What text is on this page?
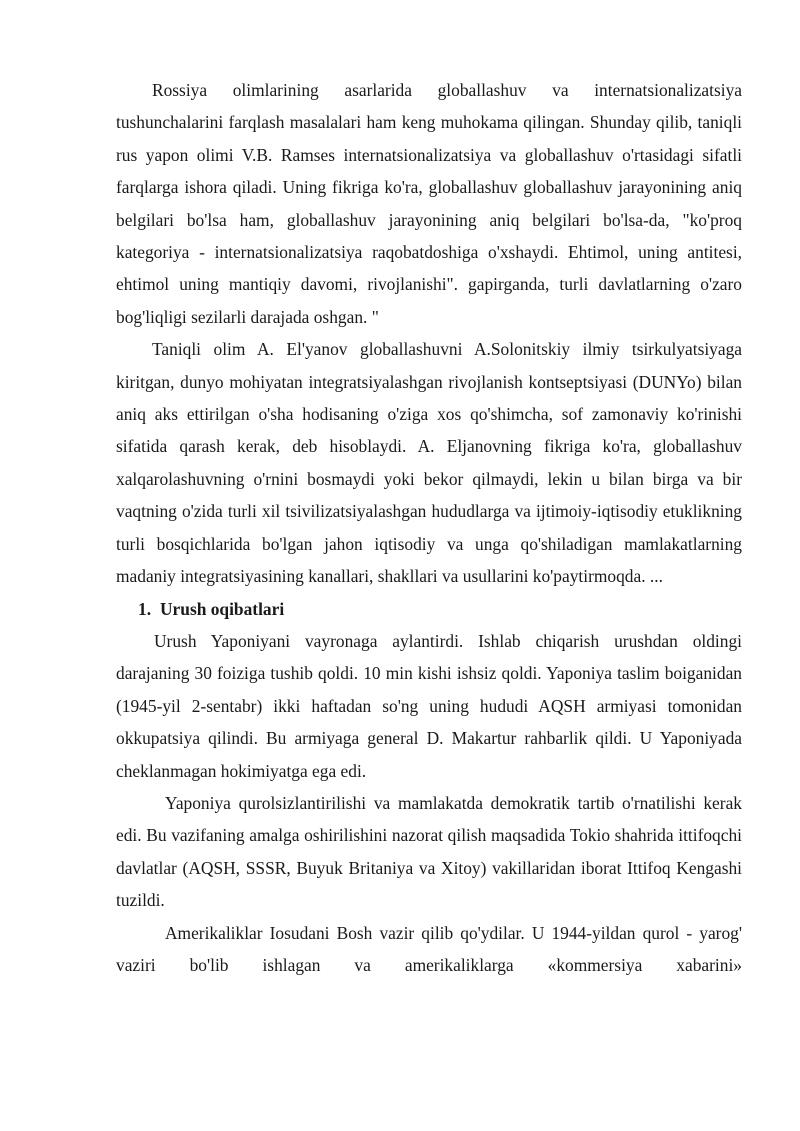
Rossiya olimlarining asarlarida globallashuv va internatsionalizatsiya tushunchalarini farqlash masalalari ham keng muhokama qilingan. Shunday qilib, taniqli rus yapon olimi V.B. Ramses internatsionalizatsiya va globallashuv o'rtasidagi sifatli farqlarga ishora qiladi. Uning fikriga ko'ra, globallashuv globallashuv jarayonining aniq belgilari bo'lsa ham, globallashuv jarayonining aniq belgilari bo'lsa-da, "ko'proq kategoriya - internatsionalizatsiya raqobatdoshiga o'xshaydi. Ehtimol, uning antitesi, ehtimol uning mantiqiy davomi, rivojlanishi". gapirganda, turli davlatlarning o'zaro bog'liqligi sezilarli darajada oshgan. "

Taniqli olim A. El'yanov globallashuvni A.Solonitskiy ilmiy tsirkulyatsiyaga kiritgan, dunyo mohiyatan integratsiyalashgan rivojlanish kontseptsiyasi (DUNYo) bilan aniq aks ettirilgan o'sha hodisaning o'ziga xos qo'shimcha, sof zamonaviy ko'rinishi sifatida qarash kerak, deb hisoblaydi. A. Eljanovning fikriga ko'ra, globallashuv xalqarolashuvning o'rnini bosmaydi yoki bekor qilmaydi, lekin u bilan birga va bir vaqtning o'zida turli xil tsivilizatsiyalashgan hududlarga va ijtimoiy-iqtisodiy etuklikning turli bosqichlarida bo'lgan jahon iqtisodiy va unga qo'shiladigan mamlakatlarning madaniy integratsiyasining kanallari, shakllari va usullarini ko'paytirmoqda. ...

1. Urush oqibatlari

Urush Yaponiyani vayronaga aylantirdi. Ishlab chiqarish urushdan oldingi darajaning 30 foiziga tushib qoldi. 10 min kishi ishsiz qoldi. Yaponiya taslim boiganidan (1945-yil 2-sentabr) ikki haftadan so'ng uning hududi AQSH armiyasi tomonidan okkupatsiya qilindi. Bu armiyaga general D. Makartur rahbarlik qildi. U Yaponiyada cheklanmagan hokimiyatga ega edi.

Yaponiya qurolsizlantirilishi va mamlakatda demokratik tartib o'rnatilishi kerak edi. Bu vazifaning amalga oshirilishini nazorat qilish maqsadida Tokio shahrida ittifoqchi davlatlar (AQSH, SSSR, Buyuk Britaniya va Xitoy) vakillaridan iborat Ittifoq Kengashi tuzildi.

Amerikaliklar Iosudani Bosh vazir qilib qo'ydilar. U 1944-yildan qurol - yarog' vaziri bo'lib ishlagan va amerikaliklarga «kommersiya xabarini»
